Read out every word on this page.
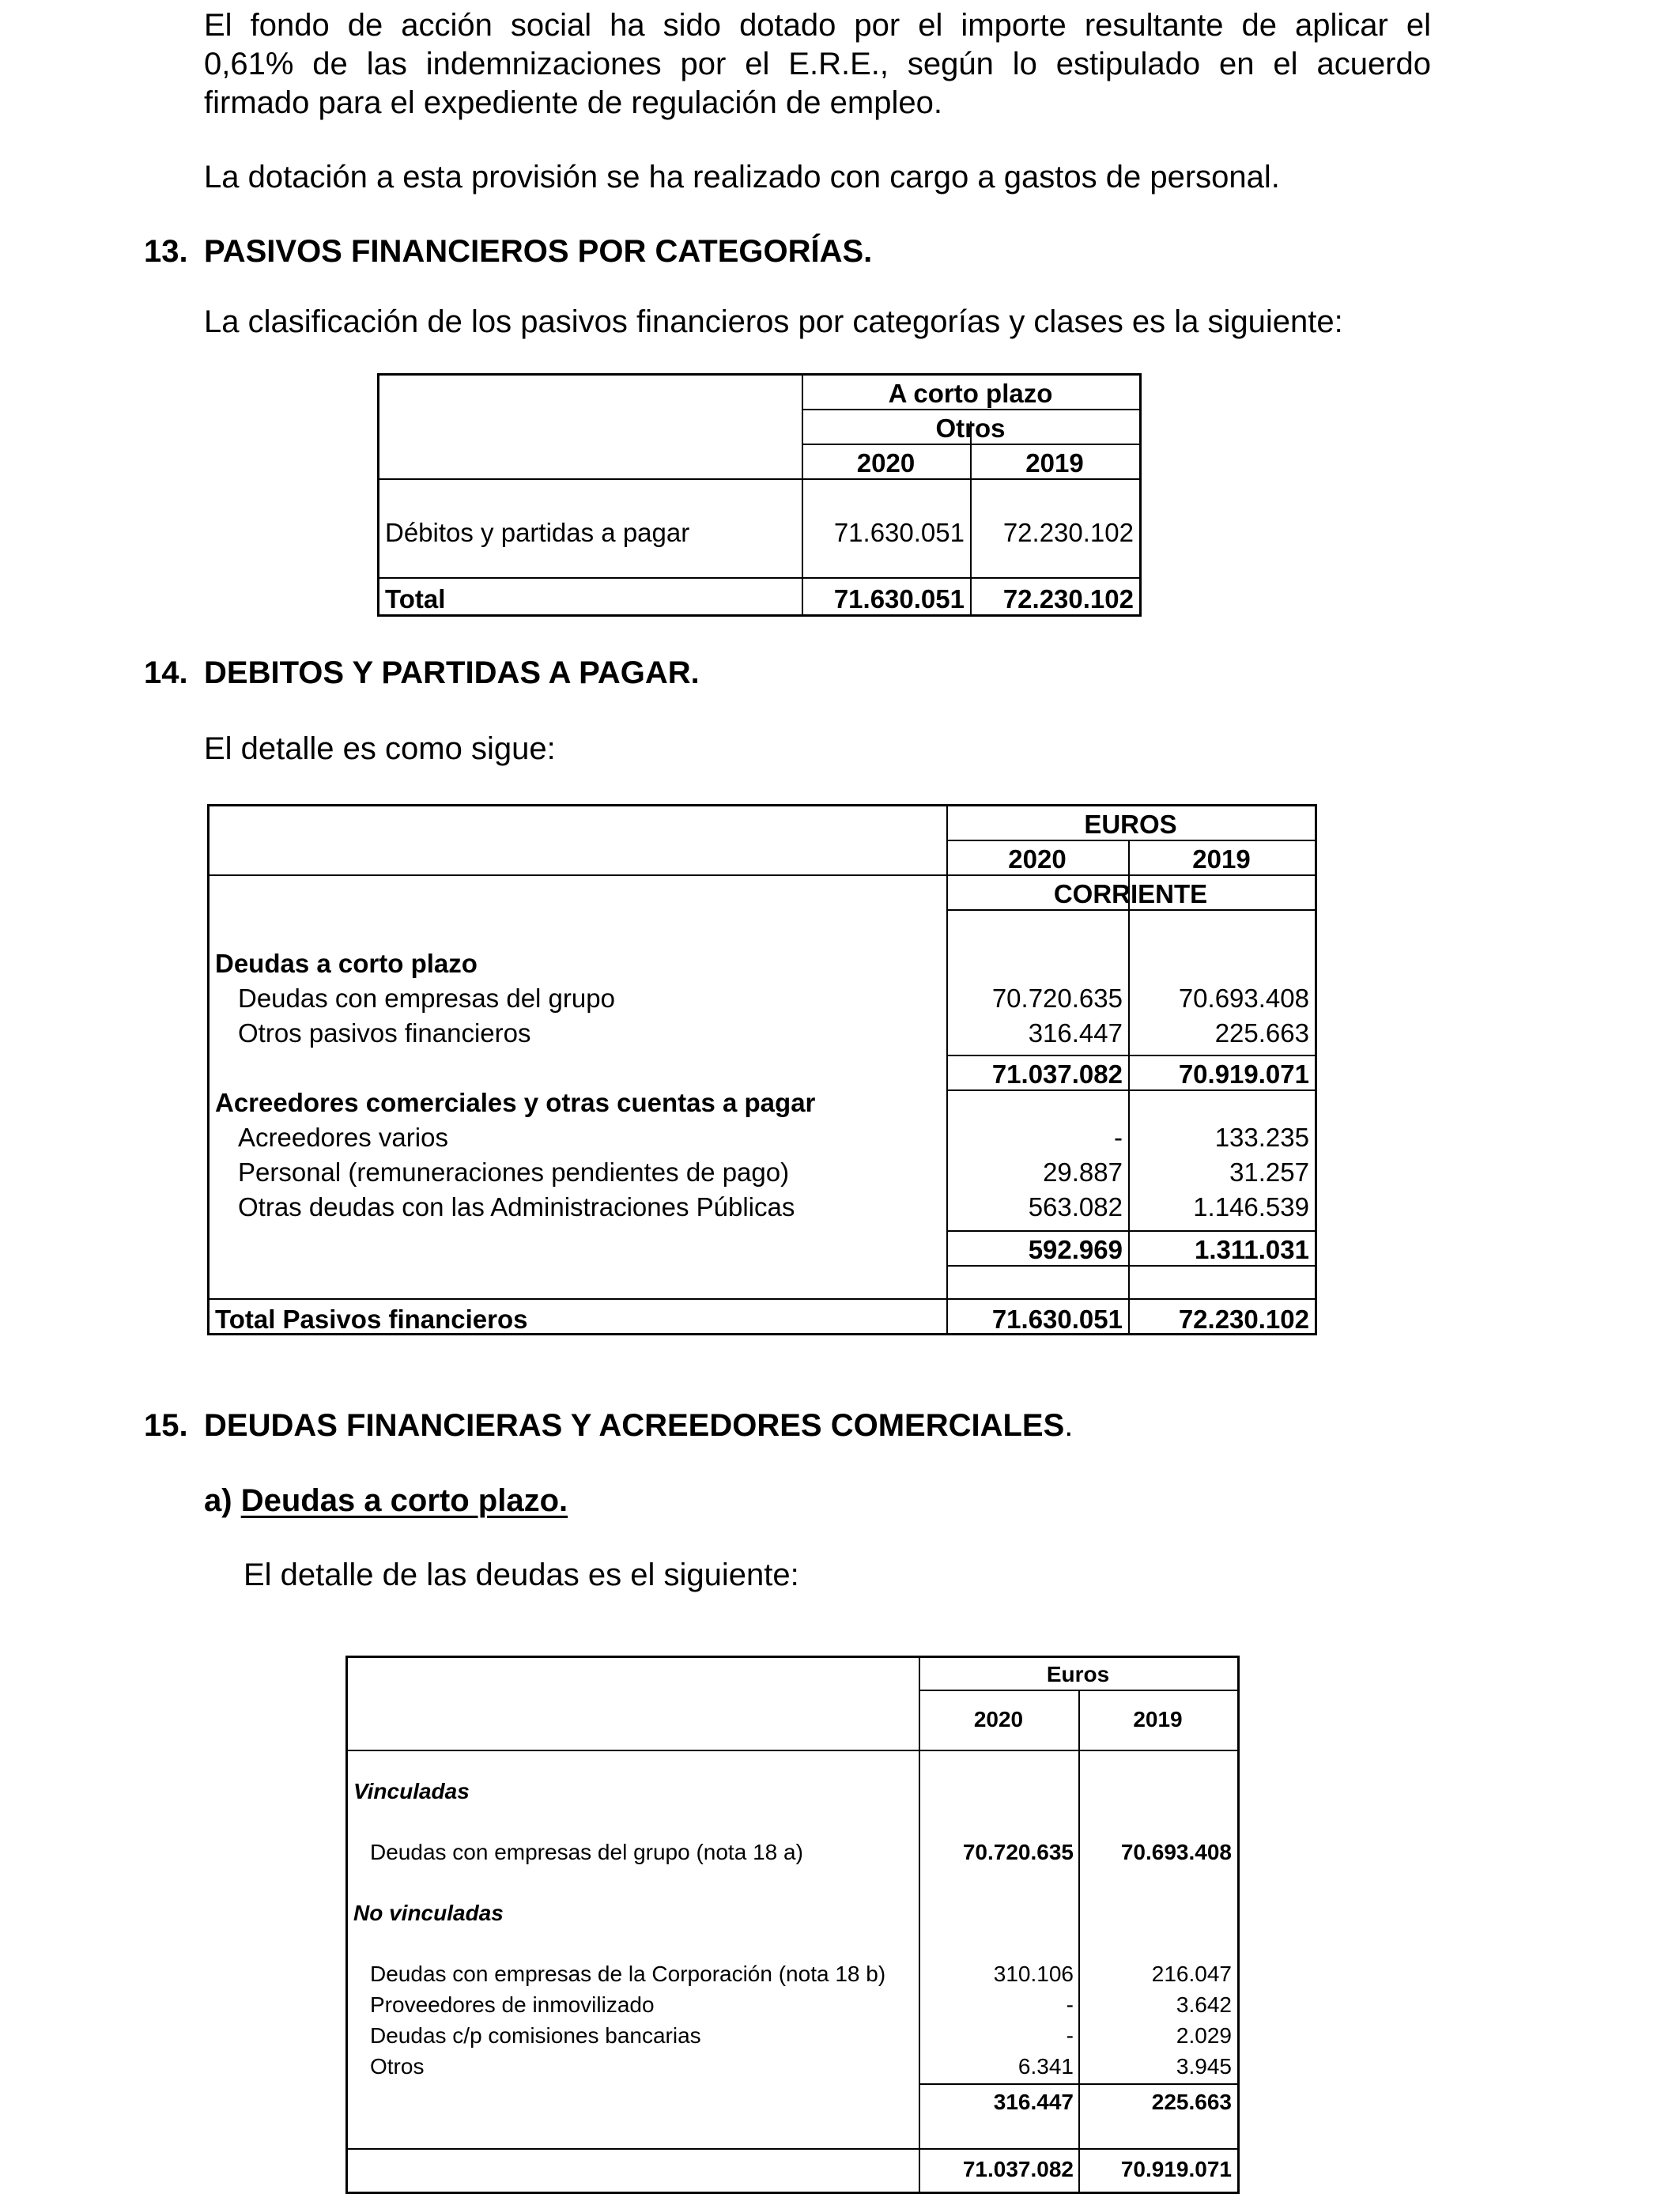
El fondo de acción social ha sido dotado por el importe resultante de aplicar el
0,61% de las indemnizaciones por el E.R.E., según lo estipulado en el acuerdo
firmado para el expediente de regulación de empleo.
La dotación a esta provisión se ha realizado con cargo a gastos de personal.
13. PASIVOS FINANCIEROS POR CATEGORÍAS.
La clasificación de los pasivos financieros por categorías y clases es la siguiente:
A corto plazo
Otros
2020	2019
Débitos y partidas a pagar	71.630.051	72.230.102
Total	71.630.051	72.230.102
14. DEBITOS Y PARTIDAS A PAGAR.
El detalle es como sigue:
EUROS
2020	2019
CORRIENTE
Deudas a corto plazo
Deudas con empresas del grupo	70.720.635	70.693.408
Otros pasivos financieros	316.447	225.663
71.037.082	70.919.071
Acreedores comerciales y otras cuentas a pagar
Acreedores varios	-	133.235
Personal (remuneraciones pendientes de pago)	29.887	31.257
Otras deudas con las Administraciones Públicas	563.082	1.146.539
592.969	1.311.031
Total Pasivos financieros	71.630.051	72.230.102
15. DEUDAS FINANCIERAS Y ACREEDORES COMERCIALES.
a) Deudas a corto plazo.
El detalle de las deudas es el siguiente:
Euros
2020	2019
Vinculadas
Deudas con empresas del grupo (nota 18 a)	70.720.635	70.693.408
No vinculadas
Deudas con empresas de la Corporación (nota 18 b)	310.106	216.047
Proveedores de inmovilizado	-	3.642
Deudas c/p comisiones bancarias	-	2.029
Otros	6.341	3.945
316.447	225.663
71.037.082	70.919.071
